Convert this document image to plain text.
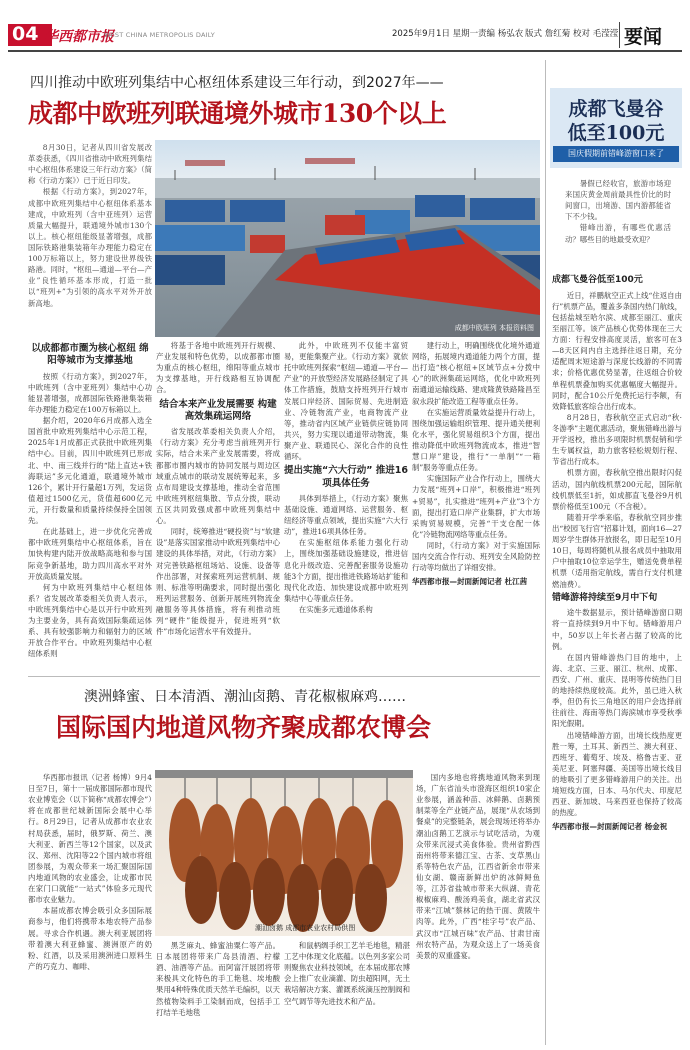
04 华西都市报
WEST CHINA METROPOLIS DAILY	2025年9月1日 星期一 责编 杨弘农 版式 詹红菊 校对 毛滢滢 要闻
四川推动中欧班列集结中心枢纽体系建设三年行动，到2027年——
成都中欧班列联通境外城市130个以上

8月30日，记者从四川省发展改革委获悉，《四川省推动中欧班列集结中心枢纽体系建设三年行动方案》（简称《行动方案》）已于近日印发。

根据《行动方案》，到2027年，成都中欧班列集结中心枢纽体系基本建成，中欧班列（含中亚班列）运营质量大幅提升，联通境外城市130个以上。核心枢纽能级显著增强，成都国际铁路港集装箱年办理能力稳定在100万标箱以上，努力建设世界级铁路港。同时，“枢纽—通道—平台—产业”良性循环基本形成，打造一批以“班列+”为引领的高水平对外开放新高地。

成都中欧班列 本报资料图
以成都都市圈为核心枢纽 绵阳等城市为支撑基地

按照《行动方案》，到2027年，中欧班列（含中亚班列）集结中心功能显著增强，成都国际铁路港集装箱年办理能力稳定在100万标箱以上。

据介绍，2020年6月成都入选全国首批中欧班列集结中心示范工程，2025年1月成都正式获批中欧班列集结中心。目前，四川中欧班列已形成北、中、南三线并行的“陆上直达+铁海联运”多元化通道，联通境外城市126个，累计开行量超1万列，发运货值超过1500亿元，货值超600亿元元，开行数量和质量持续保持全国领先。

在此基础上，进一步优化完善成都中欧班列集结中心枢纽体系，旨在加快构建内陆开放战略高地和参与国际竞争新基地，助力四川高水平对外开放高质量发展。

何为中欧班列集结中心枢纽体系？省发展改革委相关负责人表示，中欧班列集结中心是以开行中欧班列为主要业务，具有高效国际集疏运体系、具有较强影响力和辐射力的区域开放合作平台。中欧班列集结中心枢纽体系则

将基于各地中欧班列开行规模、产业发展和特色优势，以成都都市圈为重点的核心枢纽，绵阳等重点城市为支撑基地，开行线路相互协调配合。

结合本来产业发展需要 构建高效集疏运网络

省发展改革委相关负责人介绍，《行动方案》充分考虑当前班列开行实际，结合未来产业发展需要，将成都都市圈内城市的协同发展与周边区域重点城市的联动发展统筹起来，多点布局建设支撑基地，推动全省范围中欧班列枢纽集散、节点分拨，联动五区共同致强成都中欧班列集结中心。

同时，统筹推进“硬投资”与“软建设”是落实国家推动中欧班列集结中心建设的具体举措，对此，《行动方案》对完善铁路枢纽场站、设施、设备等作出部署，对探索班列运营机制、规则、标准等明确要求，同时提出强化班列运营服务、创新开展班列物流金融服务等具体措施，将有利推动班列“硬件”能级提升，促进班列“软件”市场化运营水平有效提升。

此外，中欧班列不仅能丰富贸易，更能集聚产业。《行动方案》就依托中欧班列探索“枢纽—通道—平台—产业”的开放型经济发展路径制定了具体工作措施，鼓励支持班列开行城市发展口岸经济、国际贸易、先进制造业、冷链物流产业，电商物流产业等，推动省内区域产业链供应链协同共兴，努力实现以通道带动物流，集聚产业、联通民心、深化合作的良性循环。

提出实施“六大行动” 推进16项具体任务

具体到举措上，《行动方案》聚焦基础设施、通道网络、运营服务、枢纽经济等重点领域，提出实施“六大行动”，推进16项具体任务。

在实施枢纽体系能力强化行动上，围绕加强基础设施建设，推进信息化升级改造、完善配套服务设施功能3个方面，提出推进铁路场站扩能和现代化改造、加快建设成都中欧班列集结中心等重点任务。

在实施多元通道体系构

建行动上，明确围绕优化境外通道网络，拓展境内通道能力两个方面，提出打造“核心枢纽+区域节点+分拨中心”的欧洲集疏运网络，优化中欧班列南通道运输线路、建成隆黄铁路隆昌至叙永段扩能改造工程等重点任务。

在实施运营质量效益提升行动上，围绕加强运输组织管理、提升通关便利化水平，强化贸易组织3个方面，提出推动降低中欧班列物流成本，推进“智慧口岸”建设，推行“一单制”“一箱制”服务等重点任务。

实施国际产业合作行动上，围绕大力发展“班列+口岸”，积极推进“班列+贸易”，扎实推进“班列+产业”3个方面，提出打造口岸产业集群，扩大市场采购贸易规模，完善“干支仓配一体化”冷链物流网络等重点任务。

同时，《行动方案》对于实施国际国内交流合作行动、班列安全风险防控行动等均做出了详细安排。

华西都市报—封面新闻记者 杜江茜
成都飞曼谷
低至100元
国庆假期前错峰游窗口来了

暑假已经收官，旅游市场迎来国庆黄金周前最具性价比的时间窗口，出境游、国内游都能省下不少钱。

错峰出游，有哪些优惠活动？哪些目的地最受欢迎？

成都飞曼谷低至100元

近日，祥鹏航空正式上线“住返自由行”机票产品，覆盖多条国内热门航线，包括盐城至哈尔滨、成都至丽江、重庆至丽江等。该产品核心优势体现在三大方面：行程安排高度灵活，旅客可在3—8天区间内自主选择往返日期，充分适配周末短途游与深度长线游的不同需求；价格优惠优势显著，往返组合价较单程机票叠加购买优惠幅度大幅提升。同时，配合10公斤免费托运行李额，有效降低旅客综合出行成本。

8月28日，春秋航空正式启动“秋·冬游季”主题优惠活动，聚焦错峰出游与开学返校，推出多项限时机票促销和学生专属权益，助力旅客轻松规划行程、节省出行成本。

机票方面，春秋航空推出限时闪促活动，国内航线机票200元起，国际航线机票低至1折，如成都直飞曼谷9月机票价格低至100元（不含税）。

随着开学季来临，春秋航空同步推出“校园飞行官”招募计划，面向16—27周岁学生群体开放报名，即日起至10月10日，每周将随机从报名成员中抽取用户中抽取10位幸运学生，赠送免费单程机票（适用指定航线，需自行支付机建燃油费）。

错峰游将持续至9月中下旬

途牛数据显示，预计错峰游窗口期将一直持续到9月中下旬。错峰游用户中，50岁以上年长者占据了较高的比例。

在国内错峰游热门目的地中，上海、北京、三亚、丽江、杭州、成都、西安、广州、重庆、昆明等传统热门目的地持续热度较高。此外，虽已进入秋季，但仍有长三角地区的用户会选择前往前往、海南等热门海滨城市享受秋季阳光假期。

出境错峰游方面，出境长线热度更胜一筹，土耳其、新西兰、澳大利亚、西班牙、葡萄牙、埃及、格鲁吉亚、亚美尼亚、阿塞拜疆、美国等出境长线目的地吸引了更多错峰游用户的关注。出境短线方面，日本、马尔代夫、印度尼西亚、新加坡、马来西亚也保持了较高的热度。

华西都市报—封面新闻记者 杨金祝
澳洲蜂蜜、日本清酒、潮汕卤鹅、青花椒椒麻鸡……
国际国内地道风物齐聚成都农博会

华西都市报讯（记者 杨博）9月4日至7日，第十一届成都国际都市现代农业博览会（以下简称“成都农博会”）将在成都世纪城新国际会展中心举行。8月29日，记者从成都市农业农村局获悉，届时，俄罗斯、荷兰、澳大利亚、新西兰等12个国家，以及武汉、郑州、沈阳等22个国内城市将组团参展，为观众带来一场汇聚国际国内地道风物的农业盛会，让成都市民在家门口就能“一站式”体验多元现代都市农业魅力。

本届成都农博会吸引众多国际展商参与，他们将携带本地农特产品参展。寻求合作机遇。澳大利亚展团将带着澳大利亚蜂蜜、澳洲原产的奶粉、红酒，以及采用澳洲进口原料生产的巧克力、咖啡、

潮汕卤鹅 成都市农业农村局供图

黑芝麻丸、蜂蜜油粟仁等产品。日本展团将带来广岛县清酒、柠檬酒、油酒等产品。而阿富汗展团将带来极具文化特色的手工艳毯、埃地酸果用4种特殊优质天然羊毛编织，以天然植物染料手工染制而成，包括手工打结羊毛地毯

和鼠柄绸手织工艺羊毛地毯，精湛工艺中体现文化底蕴。以色列多家公司则聚焦农业科技领域，在本届成都农博会上推广农业滴灌、防虫超阳网，无土栽培解决方案、灌溉系统滴压控制阀和空气调节等先进技术和产品。

国内多地也将携地道风物来到现场，广东省汕头市澄海区组织10家企业参展，涵盖种苗、冰鲜鹅、卤鹅预制菜等全产业链产品，展现“从农场到餐桌”的完整链条，展会现场还将举办潮汕卤鹅工艺演示与试吃活动，为观众带来沉浸式美食体验。贵州省黔西南州将带来德江宝、古茶、支草黑山系等特色农产品，江西省新余市带来仙女湖、赣南新鲜出炉的冰鲜鲟鱼等，江苏省盐城市带来大纵湖、青花椒椒麻鸡、酸汤鸡美食，湖北省武汉带来“江城”蔡林记的热干面、黄陂牛肉等。此外，广西“桂字号”农产品、武汉市“江城百味”农产品、甘肃甘南州农特产品，为观众送上了一场美食美景的双重盛宴。
